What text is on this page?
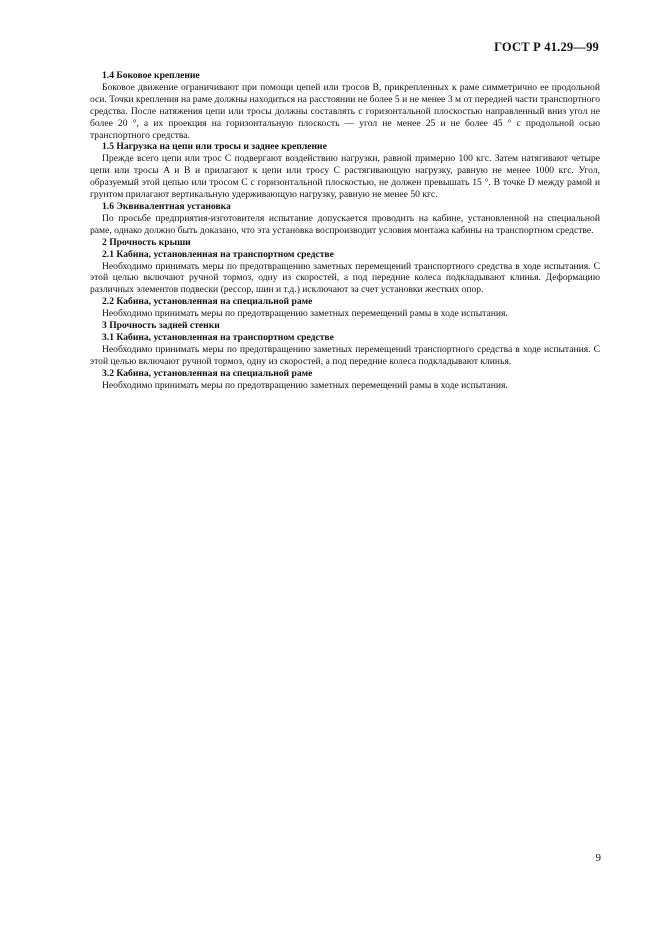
ГОСТ Р 41.29—99
1.4 Боковое крепление

Боковое движение ограничивают при помощи цепей или тросов B, прикрепленных к раме симметрично ее продольной оси. Точки крепления на раме должны находиться на расстоянии не более 5 и не менее 3 м от передней части транспортного средства. После натяжения цепи или тросы должны составлять с горизонтальной плоскостью направленный вниз угол не более 20 °, а их проекция на горизонтальную плоскость — угол не менее 25 и не более 45 ° с продольной осью транспортного средства.

1.5 Нагрузка на цепи или тросы и заднее крепление

Прежде всего цепи или трос C подвергают воздействию нагрузки, равной примерно 100 кгс. Затем натягивают четыре цепи или тросы A и B и прилагают к цепи или тросу C растягивающую нагрузку, равную не менее 1000 кгс. Угол, образуемый этой цепью или тросом C с горизонтальной плоскостью, не должен превышать 15 °. В точке D между рамой и грунтом прилагают вертикальную удерживающую нагрузку, равную не менее 50 кгс.

1.6 Эквивалентная установка

По просьбе предприятия-изготовителя испытание допускается проводить на кабине, установленной на специальной раме, однако должно быть доказано, что эта установка воспроизводит условия монтажа кабины на транспортном средстве.

2 Прочность крыши
2.1 Кабина, установленная на транспортном средстве

Необходимо принимать меры по предотвращению заметных перемещений транспортного средства в ходе испытания. С этой целью включают ручной тормоз, одну из скоростей, а под передние колеса подкладывают клинья. Деформацию различных элементов подвески (рессор, шин и т.д.) исключают за счет установки жестких опор.

2.2 Кабина, установленная на специальной раме

Необходимо принимать меры по предотвращению заметных перемещений рамы в ходе испытания.

3 Прочность задней стенки
3.1 Кабина, установленная на транспортном средстве

Необходимо принимать меры по предотвращению заметных перемещений транспортного средства в ходе испытания. С этой целью включают ручной тормоз, одну из скоростей, а под передние колеса подкладывают клинья.

3.2 Кабина, установленная на специальной раме

Необходимо принимать меры по предотвращению заметных перемещений рамы в ходе испытания.

9
